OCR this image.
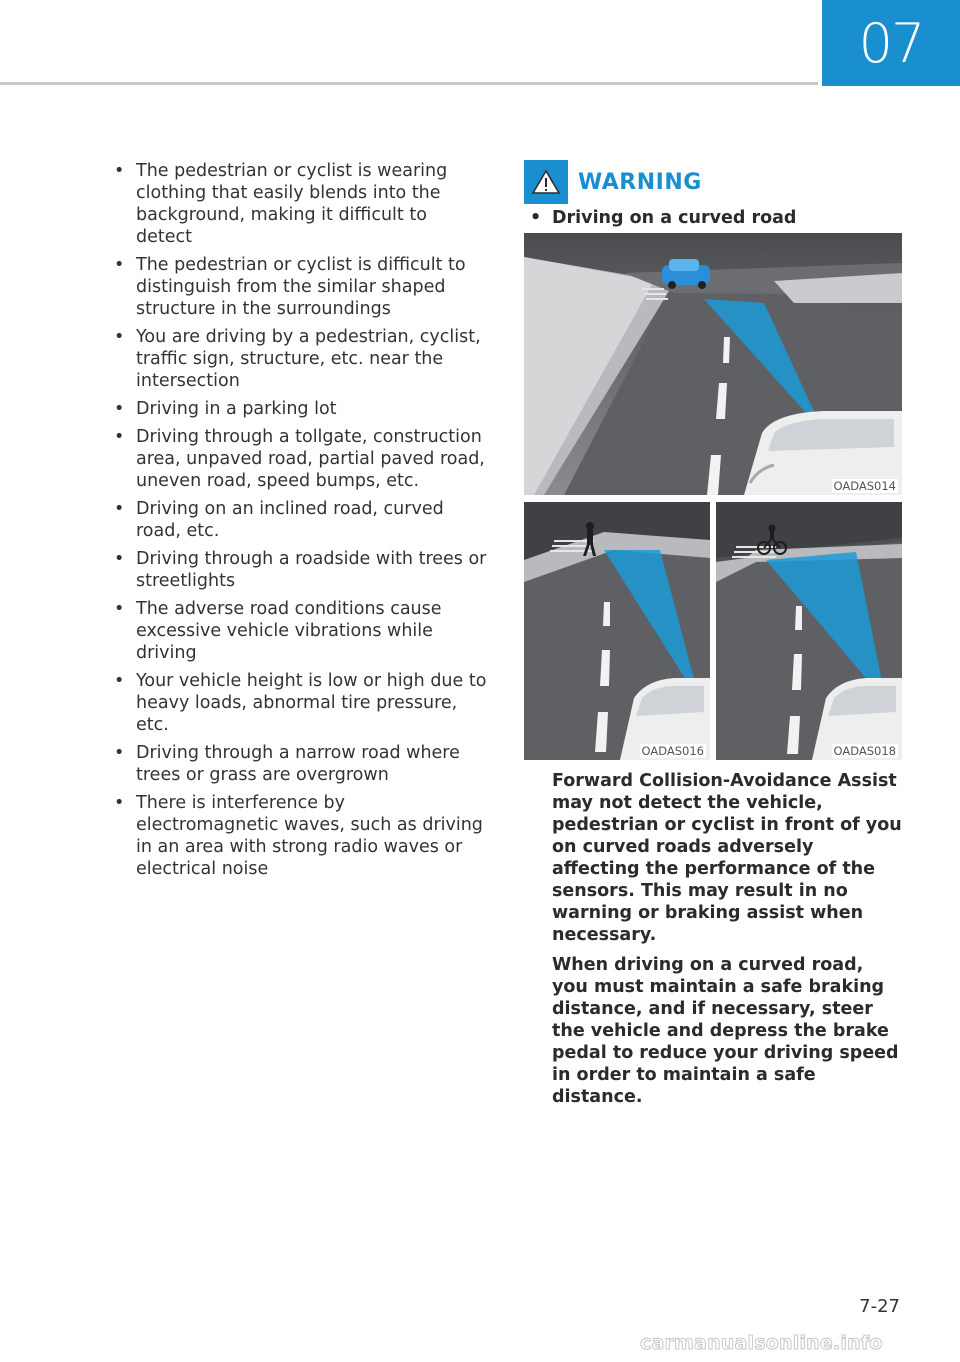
07
• The pedestrian or cyclist is wearing clothing that easily blends into the background, making it difficult to detect
• The pedestrian or cyclist is difficult to distinguish from the similar shaped structure in the surroundings
• You are driving by a pedestrian, cyclist, traffic sign, structure, etc. near the intersection
• Driving in a parking lot
• Driving through a tollgate, construction area, unpaved road, partial paved road, uneven road, speed bumps, etc.
• Driving on an inclined road, curved road, etc.
• Driving through a roadside with trees or streetlights
• The adverse road conditions cause excessive vehicle vibrations while driving
• Your vehicle height is low or high due to heavy loads, abnormal tire pressure, etc.
• Driving through a narrow road where trees or grass are overgrown
• There is interference by electromagnetic waves, such as driving in an area with strong radio waves or electrical noise
WARNING
• Driving on a curved road
OADAS014
OADAS016	OADAS018

Forward Collision-Avoidance Assist may not detect the vehicle, pedestrian or cyclist in front of you on curved roads adversely affecting the performance of the sensors. This may result in no warning or braking assist when necessary.

When driving on a curved road, you must maintain a safe braking distance, and if necessary, steer the vehicle and depress the brake pedal to reduce your driving speed in order to maintain a safe distance.

7-27
carmanualsonline.info
